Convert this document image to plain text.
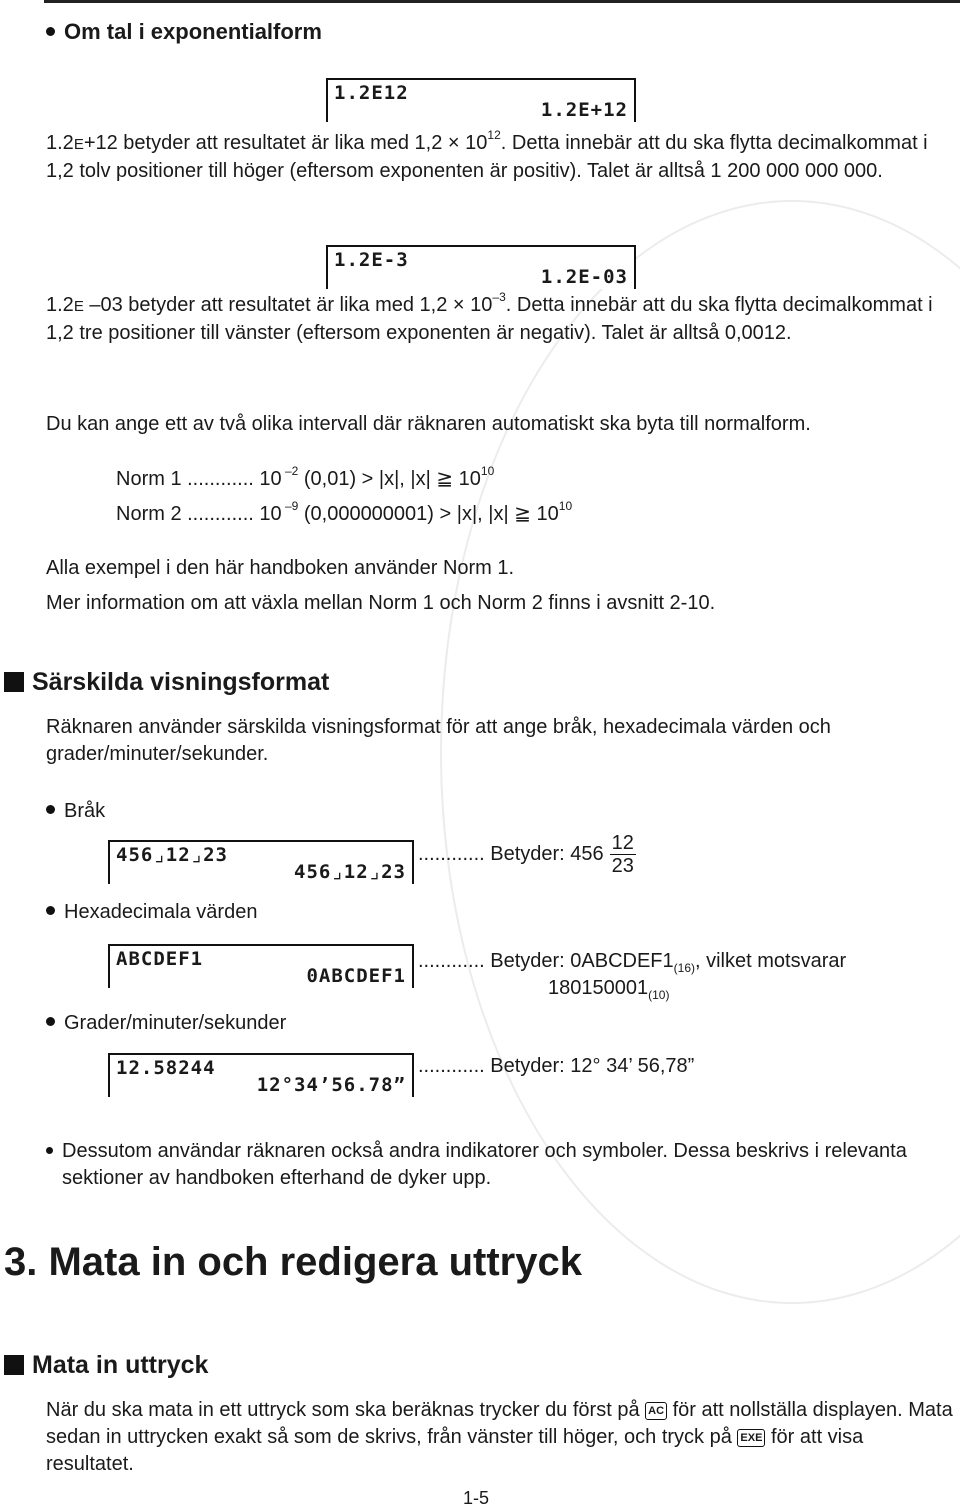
Om tal i exponentialform
1.2E12
1.2E+12
1.2E+12 betyder att resultatet är lika med $1,2 \times 10^{12}$. Detta innebär att du ska flytta decimalkommat i 1,2 tolv positioner till höger (eftersom exponenten är positiv). Talet är alltså 1 200 000 000 000.
1.2E-3
1.2E-03
1.2E –03 betyder att resultatet är lika med $1,2 \times 10^{-3}$. Detta innebär att du ska flytta decimalkommat i 1,2 tre positioner till vänster (eftersom exponenten är negativ). Talet är alltså 0,0012.
Du kan ange ett av två olika intervall där räknaren automatiskt ska byta till normalform.
Norm 1 ............ 10 $^{-2}$ (0,01) > |x|, |x| ≧ $10^{10}$
Norm 2 ............ 10 $^{-9}$ (0,000000001) > |x|, |x| ≧ $10^{10}$
Alla exempel i den här handboken använder Norm 1.
Mer information om att växla mellan Norm 1 och Norm 2 finns i avsnitt 2-10.
Särskilda visningsformat
Räknaren använder särskilda visningsformat för att ange bråk, hexadecimala värden och grader/minuter/sekunder.
Bråk
456⌟12⌟23
456⌟12⌟23
............ Betyder: $456 \frac{12}{23}$
Hexadecimala värden
ABCDEF1
0ABCDEF1
............ Betyder: $0ABCDEF1_{(16)}$, vilket motsvarar
$180150001_{(10)}$
Grader/minuter/sekunder
12.58244
12°34’56.78”
............ Betyder: 12° 34’ 56,78”
Dessutom användar räknaren också andra indikatorer och symboler. Dessa beskrivs i relevanta sektioner av handboken efterhand de dyker upp.
3. Mata in och redigera uttryck
Mata in uttryck
När du ska mata in ett uttryck som ska beräknas trycker du först på AC för att nollställa displayen. Mata sedan in uttrycken exakt så som de skrivs, från vänster till höger, och tryck på EXE för att visa resultatet.
1-5
